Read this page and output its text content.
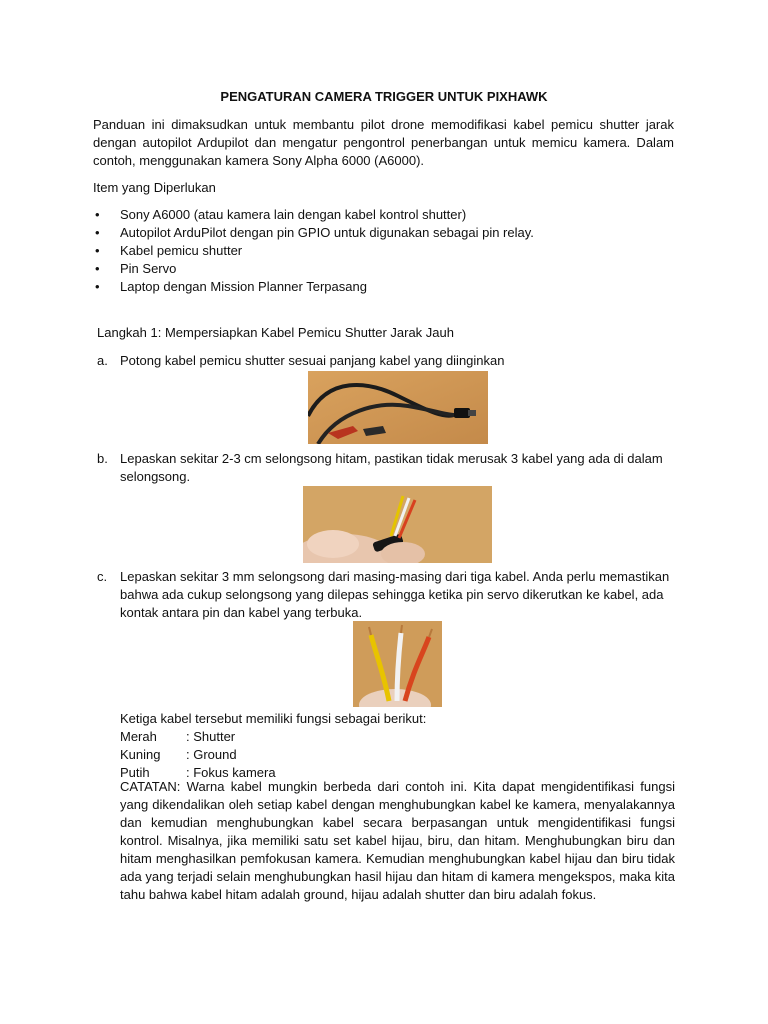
PENGATURAN CAMERA TRIGGER UNTUK PIXHAWK
Panduan ini dimaksudkan untuk membantu pilot drone memodifikasi kabel pemicu shutter jarak dengan autopilot Ardupilot dan mengatur pengontrol penerbangan untuk memicu kamera. Dalam contoh, menggunakan kamera Sony Alpha 6000 (A6000).
Item yang Diperlukan
• Sony A6000 (atau kamera lain dengan kabel kontrol shutter)
• Autopilot ArduPilot dengan pin GPIO untuk digunakan sebagai pin relay.
• Kabel pemicu shutter
• Pin Servo
• Laptop dengan Mission Planner Terpasang
Langkah 1: Mempersiapkan Kabel Pemicu Shutter Jarak Jauh
a. Potong kabel pemicu shutter sesuai panjang kabel yang diinginkan
b. Lepaskan sekitar 2-3 cm selongsong hitam, pastikan tidak merusak 3 kabel yang ada di dalam selongsong.
c. Lepaskan sekitar 3 mm selongsong dari masing-masing dari tiga kabel. Anda perlu memastikan bahwa ada cukup selongsong yang dilepas sehingga ketika pin servo dikerutkan ke kabel, ada kontak antara pin dan kabel yang terbuka.
Ketiga kabel tersebut memiliki fungsi sebagai berikut:
Merah : Shutter
Kuning : Ground
Putih	: Fokus kamera
CATATAN: Warna kabel mungkin berbeda dari contoh ini. Kita dapat mengidentifikasi fungsi yang dikendalikan oleh setiap kabel dengan menghubungkan kabel ke kamera, menyalakannya dan kemudian menghubungkan kabel secara berpasangan untuk mengidentifikasi fungsi kontrol. Misalnya, jika memiliki satu set kabel hijau, biru, dan hitam. Menghubungkan biru dan hitam menghasilkan pemfokusan kamera. Kemudian menghubungkan kabel hijau dan biru tidak ada yang terjadi selain menghubungkan hasil hijau dan hitam di kamera mengekspos, maka kita tahu bahwa kabel hitam adalah ground, hijau adalah shutter dan biru adalah fokus.
